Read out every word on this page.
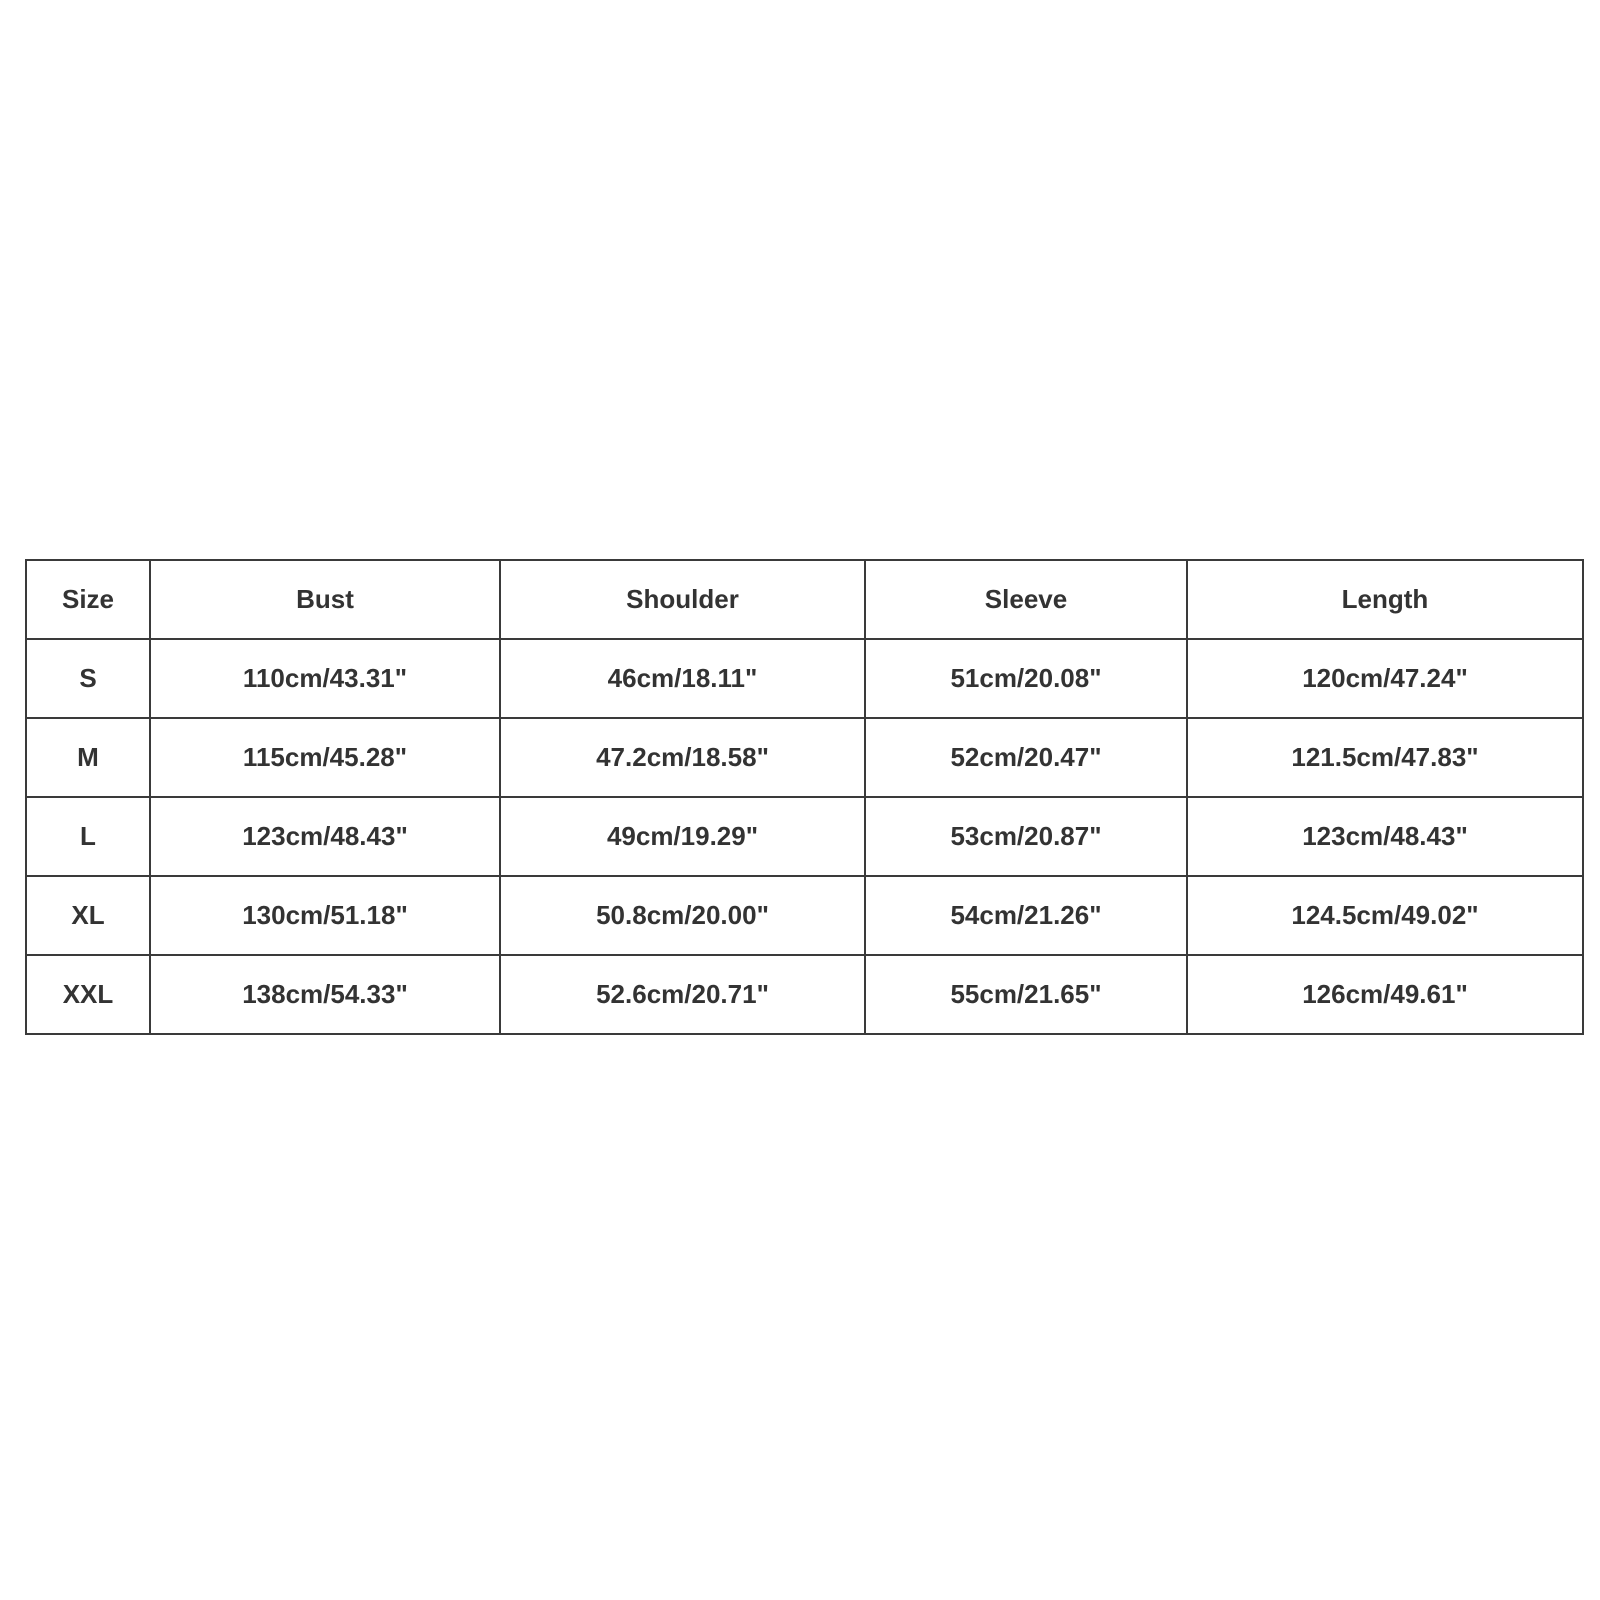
Size	Bust	Shoulder	Sleeve	Length
S	110cm/43.31"	46cm/18.11"	51cm/20.08"	120cm/47.24"
M	115cm/45.28"	47.2cm/18.58"	52cm/20.47"	121.5cm/47.83"
L	123cm/48.43"	49cm/19.29"	53cm/20.87"	123cm/48.43"
XL	130cm/51.18"	50.8cm/20.00"	54cm/21.26"	124.5cm/49.02"
XXL	138cm/54.33"	52.6cm/20.71"	55cm/21.65"	126cm/49.61"
